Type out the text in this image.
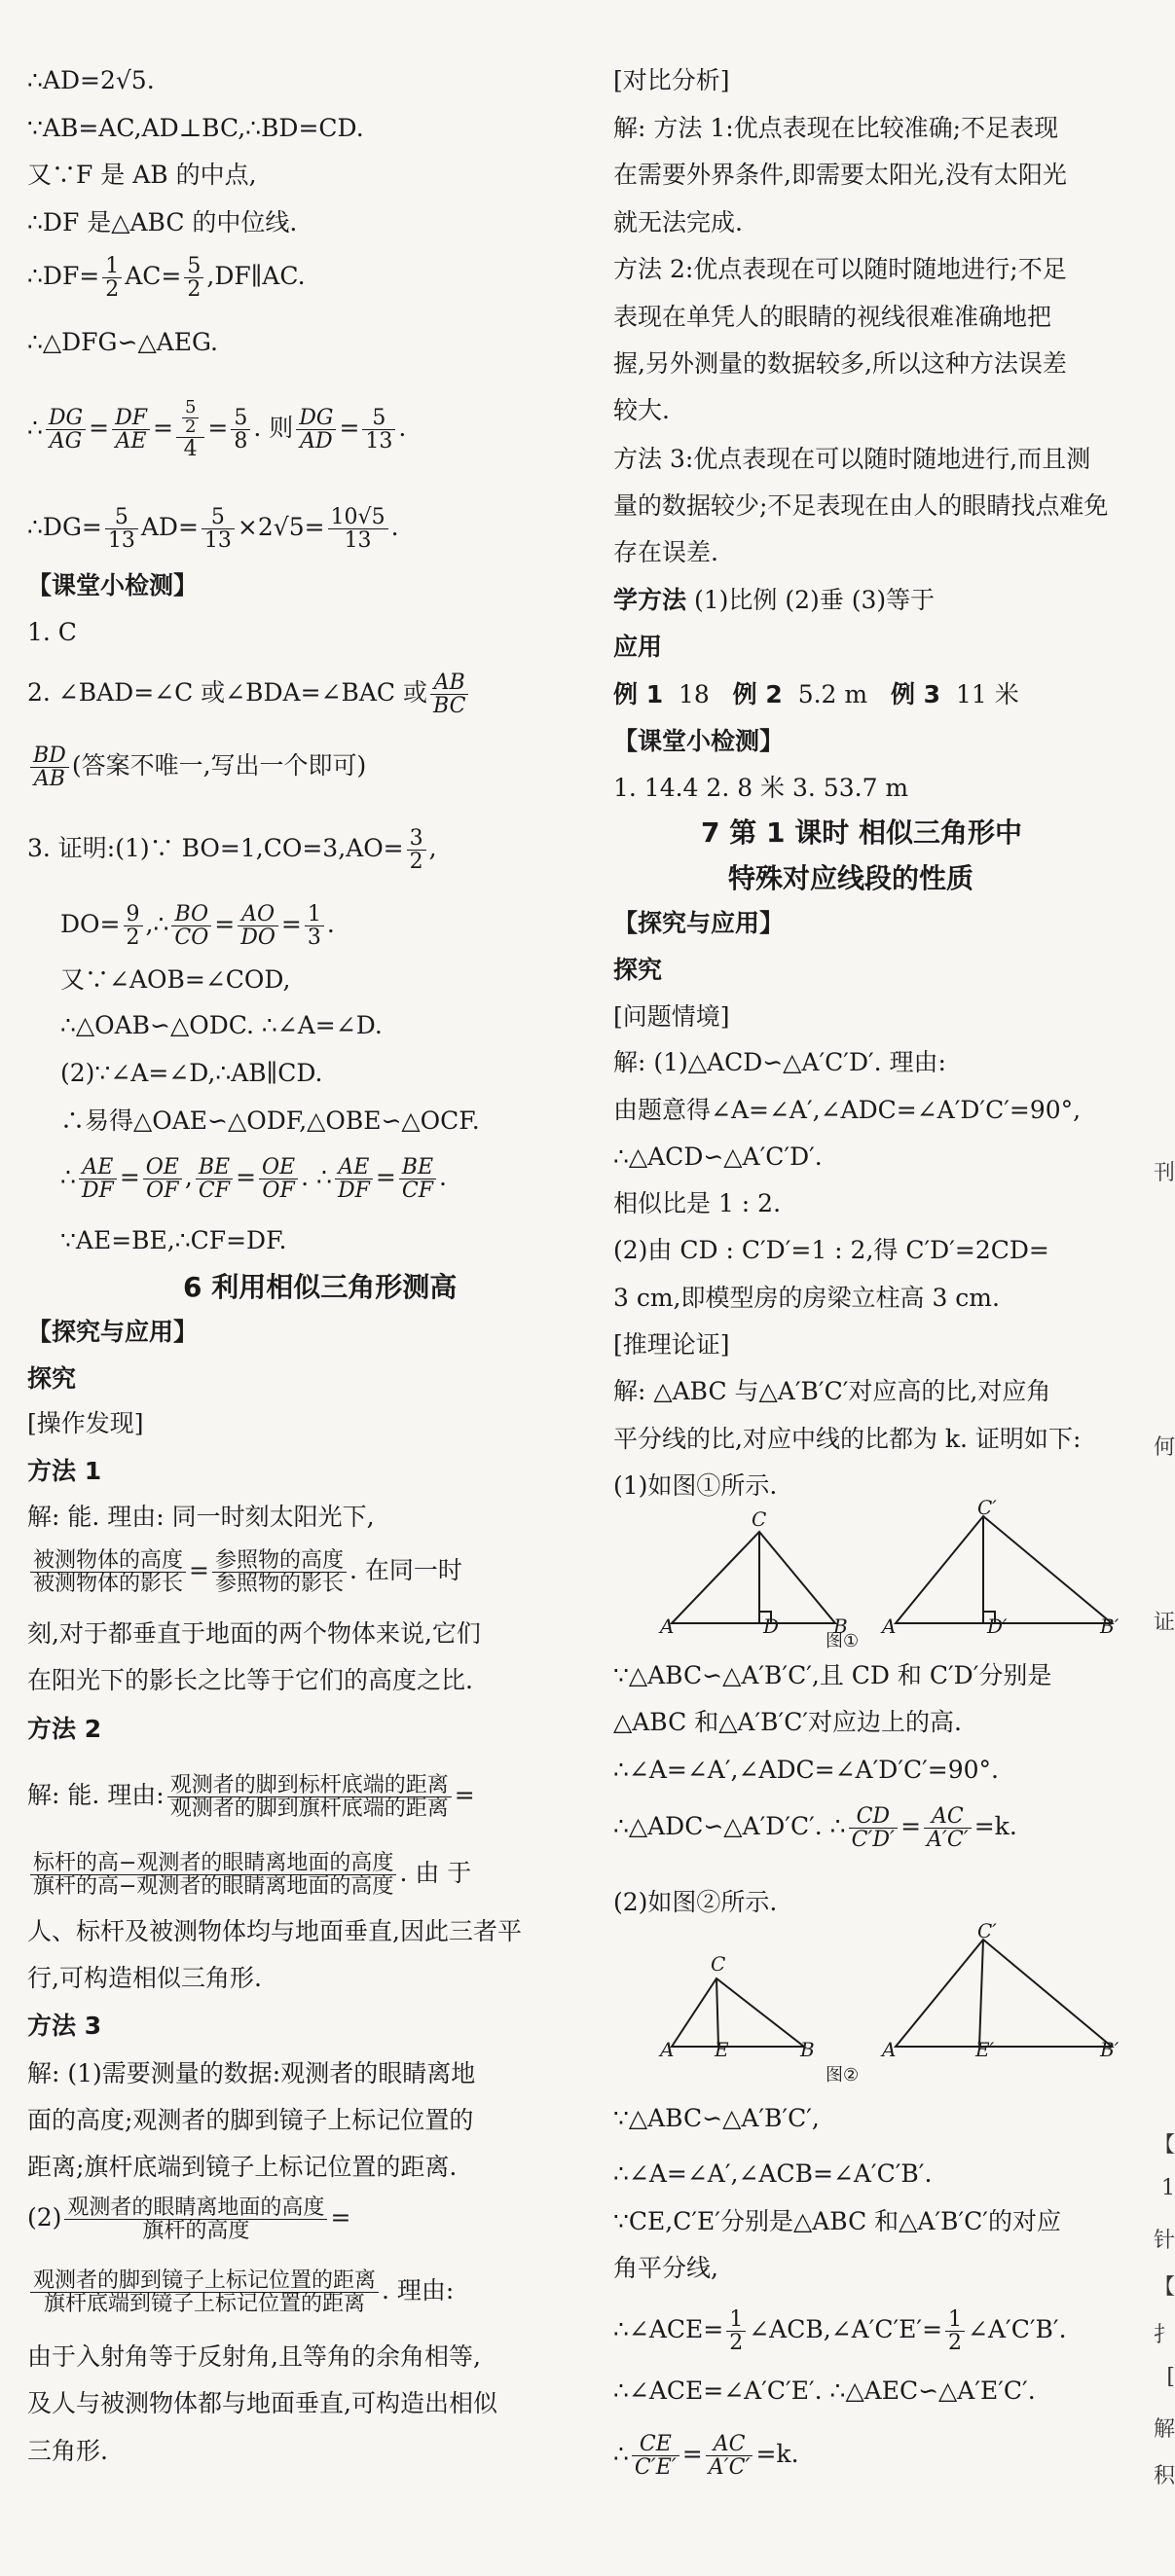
∴AD=2√5.
∵AB=AC,AD⊥BC,∴BD=CD.
又∵F 是 AB 的中点,
∴DF 是△ABC 的中位线.
∴DF= $\frac{1}{2} AC= \frac{5}{2}$ ,DF∥AC.
∴△DFG∽△AEG.
∴ $\frac{DG}{AG} = \frac{DF}{AE} = \frac{\frac{5}{2}}{4} = \frac{5}{8}$ . 则 $\frac{DG}{AD} = \frac{5}{13}$ .
∴DG= $\frac{5}{13} AD= \frac{5}{13} \times 2√5= \frac{10√5}{13}$ .
【课堂小检测】
1. C
2. ∠BAD=∠C 或∠BDA=∠BAC 或 $\frac{AB}{BC}$
$\frac{BD}{AB}$ (答案不唯一,写出一个即可)
3. 证明:(1)∵ $BO=1,CO=3,AO= \frac{3}{2}$ ,
$DO= \frac{9}{2}$ ,∴ $\frac{BO}{CO} = \frac{AO}{DO} = \frac{1}{3}$ .
又∵∠AOB=∠COD,
∴△OAB∽△ODC. ∴∠A=∠D.
(2)∵∠A=∠D,∴AB∥CD.
∴易得△OAE∽△ODF,△OBE∽△OCF.
∴ $\frac{AE}{DF} = \frac{OE}{OF}$ , $\frac{BE}{CF} = \frac{OE}{OF}$ . ∴ $\frac{AE}{DF} = \frac{BE}{CF}$ .
∵AE=BE,∴CF=DF.
6 利用相似三角形测高
【探究与应用】
探究
[操作发现]
方法 1
解: 能. 理由: 同一时刻太阳光下,
$\frac{\text{被测物体的高度}}{\text{被测物体的影长}} = \frac{\text{参照物的高度}}{\text{参照物的影长}}$ . 在同一时
刻,对于都垂直于地面的两个物体来说,它们
在阳光下的影长之比等于它们的高度之比.
方法 2
解: 能. 理由: $\frac{\text{观测者的脚到标杆底端的距离}}{\text{观测者的脚到旗杆底端的距离}}$ =
$\frac{\text{标杆的高−观测者的眼睛离地面的高度}}{\text{旗杆的高−观测者的眼睛离地面的高度}}$ . 由 于
人、标杆及被测物体均与地面垂直,因此三者平
行,可构造相似三角形.
方法 3
解: (1)需要测量的数据:观测者的眼睛离地
面的高度;观测者的脚到镜子上标记位置的
距离;旗杆底端到镜子上标记位置的距离.
$(2) \frac{\text{观测者的眼睛离地面的高度}}{\text{旗杆的高度}}$ =
$\frac{\text{观测者的脚到镜子上标记位置的距离}}{\text{旗杆底端到镜子上标记位置的距离}}$ . 理由:
由于入射角等于反射角,且等角的余角相等,
及人与被测物体都与地面垂直,可构造出相似
三角形.
[对比分析]
解: 方法 1:优点表现在比较准确;不足表现
在需要外界条件,即需要太阳光,没有太阳光
就无法完成.
方法 2:优点表现在可以随时随地进行;不足
表现在单凭人的眼睛的视线很难准确地把
握,另外测量的数据较多,所以这种方法误差
较大.
方法 3:优点表现在可以随时随地进行,而且测
量的数据较少;不足表现在由人的眼睛找点难免
存在误差.
学方法 (1)比例 (2)垂 (3)等于
应用
例 1 18 例 2 5.2 m 例 3 11 米
【课堂小检测】
1. 14.4 2. 8 米 3. 53.7 m
7 第 1 课时 相似三角形中
特殊对应线段的性质
【探究与应用】
探究
[问题情境]
解: (1)△ACD∽△A′C′D′. 理由:
由题意得∠A=∠A′,∠ADC=∠A′D′C′=90°,
∴△ACD∽△A′C′D′.
相似比是 1 : 2.
(2)由 CD : C′D′=1 : 2,得 C′D′=2CD=
3 cm,即模型房的房梁立柱高 3 cm.
[推理论证]
解: △ABC 与△A′B′C′对应高的比,对应角
平分线的比,对应中线的比都为 k. 证明如下:
(1)如图①所示.
C
A	D	B
C′
A′	D′	B′
图①
∵△ABC∽△A′B′C′,且 CD 和 C′D′分别是
△ABC 和△A′B′C′对应边上的高.
∴∠A=∠A′,∠ADC=∠A′D′C′=90°.
∴△ADC∽△A′D′C′. ∴ $\frac{CD}{C'D'} = \frac{AC}{A'C'} =k$.
(2)如图②所示.
C
A E	B
C′
A′	E′	B′
图②
∵△ABC∽△A′B′C′,
∴∠A=∠A′,∠ACB=∠A′C′B′.
∵CE,C′E′分别是△ABC 和△A′B′C′的对应
角平分线,
∴∠ACE= $\frac{1}{2}$ ∠ACB,∠A′C′E′= $\frac{1}{2}$ ∠A′C′B′.
∴∠ACE=∠A′C′E′. ∴△AEC∽△A′E′C′.
∴ $\frac{CE}{C'E'} = \frac{AC}{A'C'} =k$.
刊
何
证
【
1
针
【
扌
[
解
积
